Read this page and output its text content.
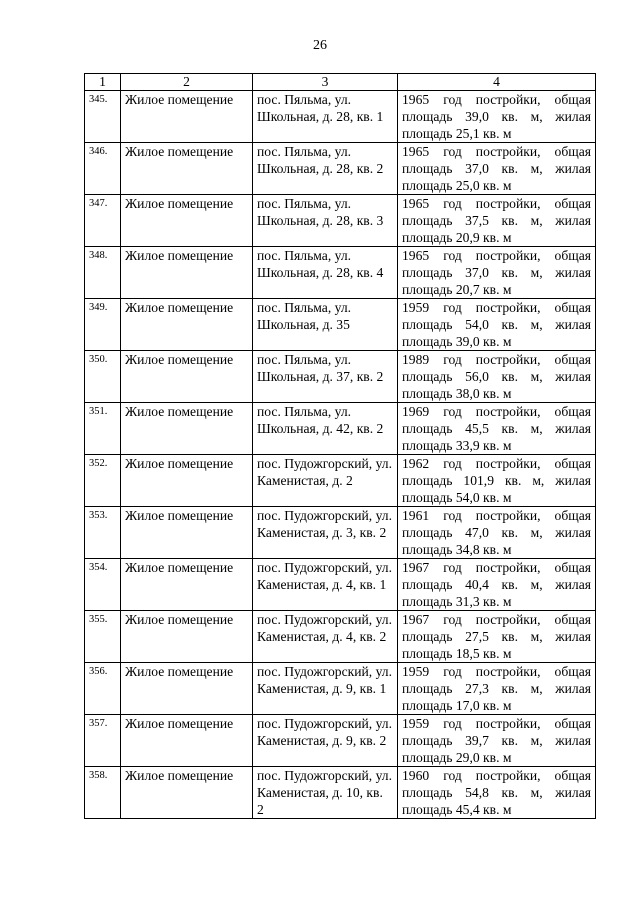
26
1	2	3	4
345.	Жилое помещение	пос. Пяльма, ул. Школьная, д. 28, кв. 1	1965 год постройки, общая площадь 39,0 кв. м, жилая площадь 25,1 кв. м
346.	Жилое помещение	пос. Пяльма, ул. Школьная, д. 28, кв. 2	1965 год постройки, общая площадь 37,0 кв. м, жилая площадь 25,0 кв. м
347.	Жилое помещение	пос. Пяльма, ул. Школьная, д. 28, кв. 3	1965 год постройки, общая площадь 37,5 кв. м, жилая площадь 20,9 кв. м
348.	Жилое помещение	пос. Пяльма, ул. Школьная, д. 28, кв. 4	1965 год постройки, общая площадь 37,0 кв. м, жилая площадь 20,7 кв. м
349.	Жилое помещение	пос. Пяльма, ул. Школьная, д. 35	1959 год постройки, общая площадь 54,0 кв. м, жилая площадь 39,0 кв. м
350.	Жилое помещение	пос. Пяльма, ул. Школьная, д. 37, кв. 2	1989 год постройки, общая площадь 56,0 кв. м, жилая площадь 38,0 кв. м
351.	Жилое помещение	пос. Пяльма, ул. Школьная, д. 42, кв. 2	1969 год постройки, общая площадь 45,5 кв. м, жилая площадь 33,9 кв. м
352.	Жилое помещение	пос. Пудожгорский, ул. Каменистая, д. 2	1962 год постройки, общая площадь 101,9 кв. м, жилая площадь 54,0 кв. м
353.	Жилое помещение	пос. Пудожгорский, ул. Каменистая, д. 3, кв. 2	1961 год постройки, общая площадь 47,0 кв. м, жилая площадь 34,8 кв. м
354.	Жилое помещение	пос. Пудожгорский, ул. Каменистая, д. 4, кв. 1	1967 год постройки, общая площадь 40,4 кв. м, жилая площадь 31,3 кв. м
355.	Жилое помещение	пос. Пудожгорский, ул. Каменистая, д. 4, кв. 2	1967 год постройки, общая площадь 27,5 кв. м, жилая площадь 18,5 кв. м
356.	Жилое помещение	пос. Пудожгорский, ул. Каменистая, д. 9, кв. 1	1959 год постройки, общая площадь 27,3 кв. м, жилая площадь 17,0 кв. м
357.	Жилое помещение	пос. Пудожгорский, ул. Каменистая, д. 9, кв. 2	1959 год постройки, общая площадь 39,7 кв. м, жилая площадь 29,0 кв. м
358.	Жилое помещение	пос. Пудожгорский, ул. Каменистая, д. 10, кв. 2	1960 год постройки, общая площадь 54,8 кв. м, жилая площадь 45,4 кв. м
